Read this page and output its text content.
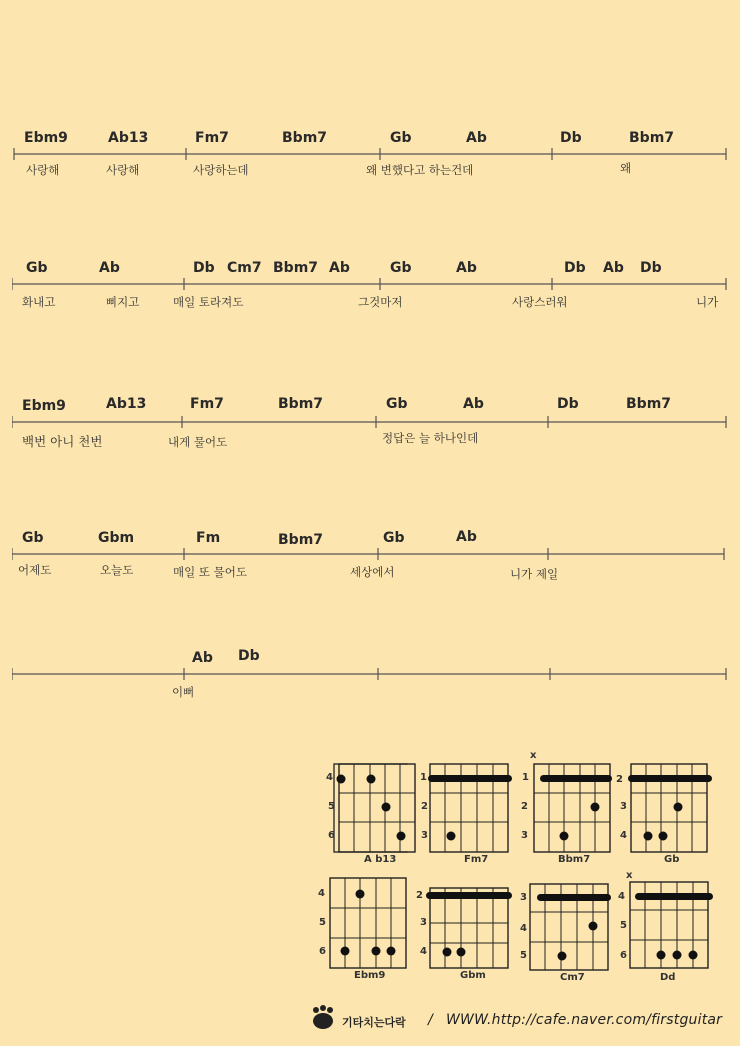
Ebm9	Ab13	Fm7	Bbm7	Gb	Ab	Db	Bbm7
사랑해	사랑해	사랑하는데	왜 변했다고 하는건데	왜
Gb	Ab	Db Cm7 Bbm7 Ab	Gb	Ab	Db Ab Db
화내고	삐지고	매일 토라져도	그것마저	사랑스러워	니가
Ebm9	Ab13	Fm7	Bbm7	Gb	Ab	Db	Bbm7
백번 아니 천번	내게 물어도	정답은 늘 하나인데
Gb	Gbm	Fm	Bbm7	Gb	Ab
어제도	오늘도	매일 또 물어도	세상에서	니가 제일
Ab Db
이뻐
4
5
6
A b13
1
2
3
Fm7
x
1
2
3
Bbm7
2
3
4
Gb
4
5
6
Ebm9
2
3
4
Gbm
3
4
5
Cm7
x
4
5
6
Dd
기타치는다락 / WWW.http://cafe.naver.com/firstguitar
